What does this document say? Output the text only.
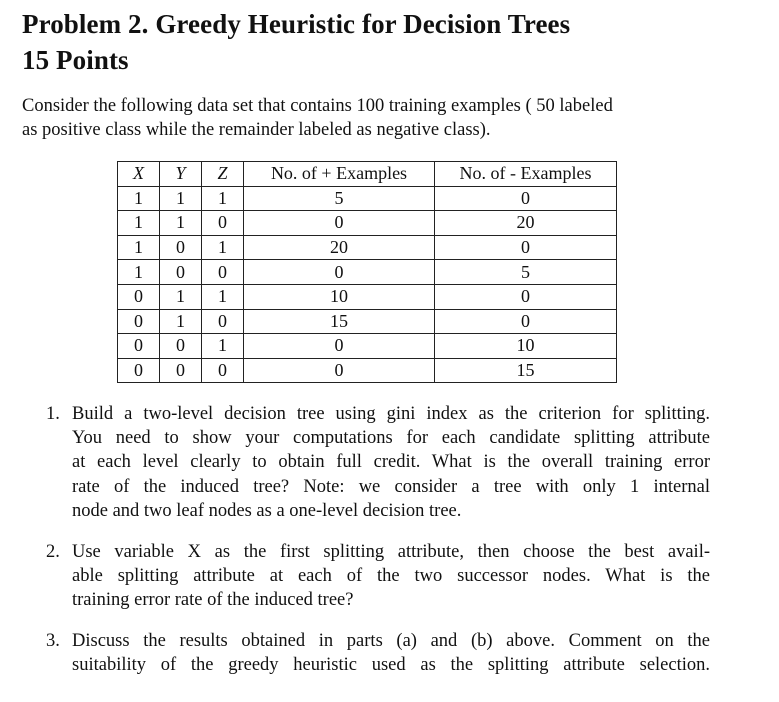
Problem 2. Greedy Heuristic for Decision Trees
15 Points

Consider the following data set that contains 100 training examples ( 50 labeled
as positive class while the remainder labeled as negative class).

X	Y	Z	No. of + Examples	No. of - Examples
1	1	1	5	0
1	1	0	0	20
1	0	1	20	0
1	0	0	0	5
0	1	1	10	0
0	1	0	15	0
0	0	1	0	10
0	0	0	0	15
1. Build a two-level decision tree using gini index as the criterion for splitting.
You need to show your computations for each candidate splitting attribute
at each level clearly to obtain full credit. What is the overall training error
rate of the induced tree? Note: we consider a tree with only 1 internal
node and two leaf nodes as a one-level decision tree.
2. Use variable X as the first splitting attribute, then choose the best avail-
able splitting attribute at each of the two successor nodes. What is the
training error rate of the induced tree?
3. Discuss the results obtained in parts (a) and (b) above. Comment on the
suitability of the greedy heuristic used as the splitting attribute selection.
